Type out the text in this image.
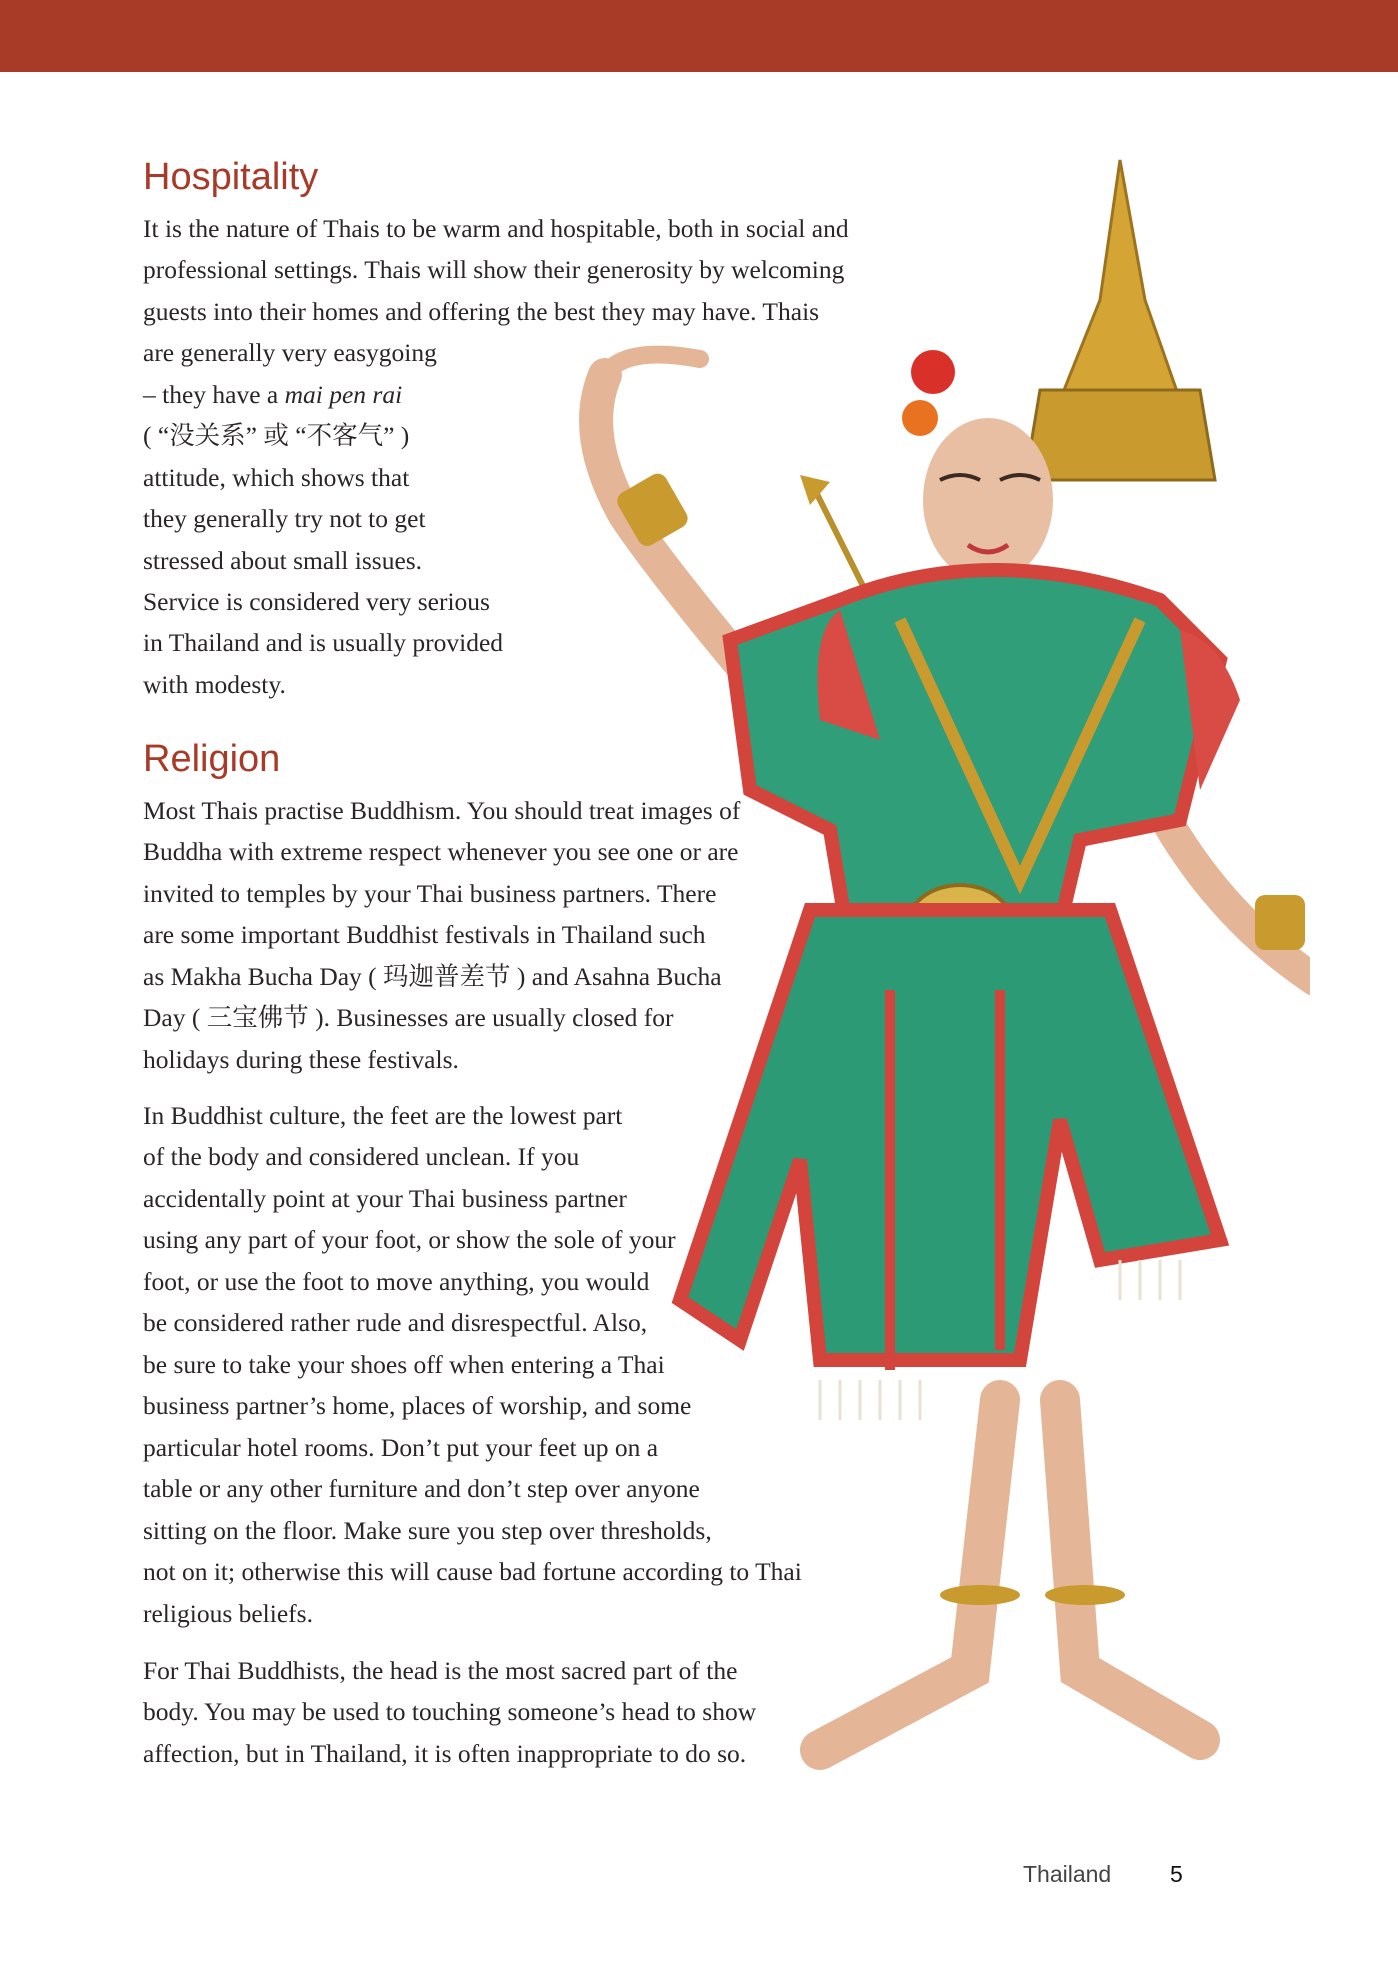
Hospitality

It is the nature of Thais to be warm and hospitable, both in social and

professional settings. Thais will show their generosity by welcoming

guests into their homes and offering the best they may have. Thais

are generally very easygoing

– they have a mai pen rai

( “没关系” 或 “不客气” )

attitude, which shows that

they generally try not to get

stressed about small issues.

Service is considered very serious

in Thailand and is usually provided

with modesty.

Religion

Most Thais practise Buddhism. You should treat images of

Buddha with extreme respect whenever you see one or are

invited to temples by your Thai business partners. There

are some important Buddhist festivals in Thailand such

as Makha Bucha Day ( 玛迦普差节 ) and Asahna Bucha

Day ( 三宝佛节 ). Businesses are usually closed for

holidays during these festivals.

In Buddhist culture, the feet are the lowest part

of the body and considered unclean. If you

accidentally point at your Thai business partner

using any part of your foot, or show the sole of your

foot, or use the foot to move anything, you would

be considered rather rude and disrespectful. Also,

be sure to take your shoes off when entering a Thai

business partner’s home, places of worship, and some

particular hotel rooms. Don’t put your feet up on a

table or any other furniture and don’t step over anyone

sitting on the floor. Make sure you step over thresholds,

not on it; otherwise this will cause bad fortune according to Thai

religious beliefs.

For Thai Buddhists, the head is the most sacred part of the

body. You may be used to touching someone’s head to show

affection, but in Thailand, it is often inappropriate to do so.

Thailand	5
